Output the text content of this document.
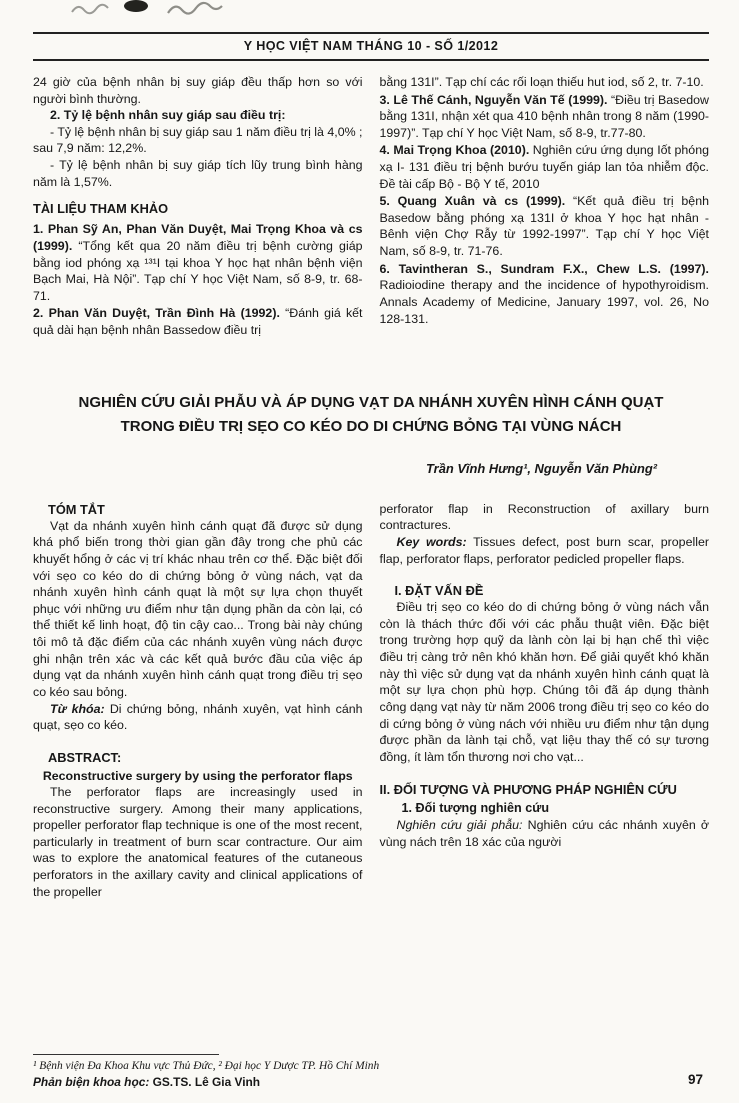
Y HỌC VIỆT NAM THÁNG 10 - SỐ 1/2012

24 giờ của bệnh nhân bị suy giáp đều thấp hơn so với người bình thường.

2. Tỷ lệ bệnh nhân suy giáp sau điều trị:

- Tỷ lệ bệnh nhân bị suy giáp sau 1 năm điều trị là 4,0% ; sau 7,9 năm: 12,2%.

- Tỷ lệ bệnh nhân bị suy giáp tích lũy trung bình hàng năm là 1,57%.

TÀI LIỆU THAM KHẢO

1. Phan Sỹ An, Phan Văn Duyệt, Mai Trọng Khoa và cs (1999). “Tổng kết qua 20 năm điều trị bệnh cường giáp bằng iod phóng xạ ¹³¹I tại khoa Y học hạt nhân bệnh viện Bạch Mai, Hà Nội”. Tạp chí Y học Việt Nam, số 8-9, tr. 68-71.

2. Phan Văn Duyệt, Trần Đình Hà (1992). “Đánh giá kết quả dài hạn bệnh nhân Bassedow điều trị

bằng 131I”. Tạp chí các rối loạn thiếu hut iod, số 2, tr. 7-10.

3. Lê Thế Cánh, Nguyễn Văn Tế (1999). “Điều trị Basedow bằng 131I, nhận xét qua 410 bệnh nhân trong 8 năm (1990-1997)”. Tạp chí Y học Việt Nam, số 8-9, tr.77-80.

4. Mai Trọng Khoa (2010). Nghiên cứu ứng dụng Iốt phóng xạ I- 131 điều trị bệnh bướu tuyến giáp lan tỏa nhiễm độc. Đề tài cấp Bộ - Bộ Y tế, 2010

5. Quang Xuân và cs (1999). “Kết quả điều trị bệnh Basedow bằng phóng xạ 131I ở khoa Y học hạt nhân - Bênh viện Chợ Rẫy từ 1992-1997”. Tạp chí Y học Việt Nam, số 8-9, tr. 71-76.

6. Tavintheran S., Sundram F.X., Chew L.S. (1997). Radioiodine therapy and the incidence of hypothyroidism. Annals Academy of Medicine, January 1997, vol. 26, No 128-131.

NGHIÊN CỨU GIẢI PHẪU VÀ ÁP DỤNG VẠT DA NHÁNH XUYÊN HÌNH CÁNH QUẠT
TRONG ĐIỀU TRỊ SẸO CO KÉO DO DI CHỨNG BỎNG TẠI VÙNG NÁCH
Trần Vĩnh Hưng¹, Nguyễn Văn Phùng²
TÓM TẮT

Vạt da nhánh xuyên hình cánh quạt đã được sử dụng khá phổ biến trong thời gian gần đây trong che phủ các khuyết hổng ở các vị trí khác nhau trên cơ thể. Đặc biệt đối với sẹo co kéo do di chứng bỏng ở vùng nách, vạt da nhánh xuyên hình cánh quạt là một sự lựa chọn thuyết phục với những ưu điểm như tận dụng phần da còn lại, có thể thiết kế linh hoạt, độ tin cậy cao... Trong bài này chúng tôi mô tả đặc điểm của các nhánh xuyên vùng nách được ghi nhận trên xác và các kết quả bước đầu của việc áp dụng vạt da nhánh xuyên hình cánh quạt trong điều trị sẹo co kéo sau bỏng.

Từ khóa: Di chứng bỏng, nhánh xuyên, vạt hình cánh quạt, sẹo co kéo.

ABSTRACT:
Reconstructive surgery by using the perforator flaps

The perforator flaps are increasingly used in reconstructive surgery. Among their many applications, propeller perforator flap technique is one of the most recent, particularly in treatment of burn scar contracture. Our aim was to explore the anatomical features of the cutaneous perforators in the axillary cavity and clinical applications of the propeller

perforator flap in Reconstruction of axillary burn contractures.

Key words: Tissues defect, post burn scar, propeller flap, perforator flaps, perforator pedicled propeller flaps.

I. ĐẶT VẤN ĐỀ

Điều trị sẹo co kéo do di chứng bỏng ở vùng nách vẫn còn là thách thức đối với các phẫu thuật viên. Đặc biệt trong trường hợp quỹ da lành còn lại bị hạn chế thì việc điều trị càng trở nên khó khăn hơn. Để giải quyết khó khăn này thì việc sử dụng vạt da nhánh xuyên hình cánh quạt là một sự lựa chọn phù hợp. Chúng tôi đã áp dụng thành công dạng vạt này từ năm 2006 trong điều trị sẹo co kéo do di cứng bỏng ở vùng nách với nhiều ưu điểm như tận dụng được phần da lành tại chỗ, vạt liệu thay thế có sự tương đồng, ít làm tổn thương nơi cho vạt...

II. ĐỐI TƯỢNG VÀ PHƯƠNG PHÁP NGHIÊN CỨU
1. Đối tượng nghiên cứu

Nghiên cứu giải phẫu: Nghiên cứu các nhánh xuyên ở vùng nách trên 18 xác của người

¹ Bệnh viện Đa Khoa Khu vực Thủ Đức, ² Đại học Y Dược TP. Hồ Chí Minh
Phản biện khoa học: GS.TS. Lê Gia Vinh	97
